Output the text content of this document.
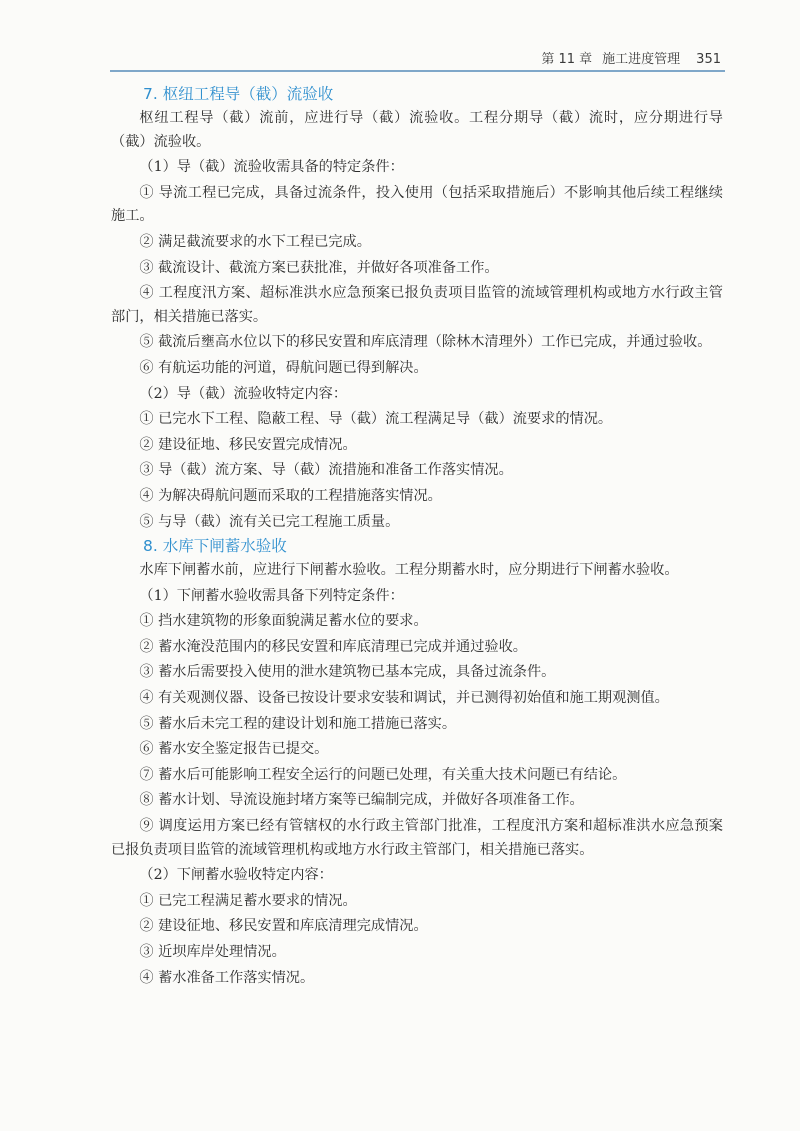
第 11 章 施工进度管理 351
7. 枢纽工程导（截）流验收

枢纽工程导（截）流前，应进行导（截）流验收。工程分期导（截）流时，应分期进行导（截）流验收。

（1）导（截）流验收需具备的特定条件：

① 导流工程已完成，具备过流条件，投入使用（包括采取措施后）不影响其他后续工程继续施工。

② 满足截流要求的水下工程已完成。

③ 截流设计、截流方案已获批准，并做好各项准备工作。

④ 工程度汛方案、超标准洪水应急预案已报负责项目监管的流域管理机构或地方水行政主管部门，相关措施已落实。

⑤ 截流后壅高水位以下的移民安置和库底清理（除林木清理外）工作已完成，并通过验收。

⑥ 有航运功能的河道，碍航问题已得到解决。

（2）导（截）流验收特定内容：

① 已完水下工程、隐蔽工程、导（截）流工程满足导（截）流要求的情况。

② 建设征地、移民安置完成情况。

③ 导（截）流方案、导（截）流措施和准备工作落实情况。

④ 为解决碍航问题而采取的工程措施落实情况。

⑤ 与导（截）流有关已完工程施工质量。

8. 水库下闸蓄水验收

水库下闸蓄水前，应进行下闸蓄水验收。工程分期蓄水时，应分期进行下闸蓄水验收。

（1）下闸蓄水验收需具备下列特定条件：

① 挡水建筑物的形象面貌满足蓄水位的要求。

② 蓄水淹没范围内的移民安置和库底清理已完成并通过验收。

③ 蓄水后需要投入使用的泄水建筑物已基本完成，具备过流条件。

④ 有关观测仪器、设备已按设计要求安装和调试，并已测得初始值和施工期观测值。

⑤ 蓄水后未完工程的建设计划和施工措施已落实。

⑥ 蓄水安全鉴定报告已提交。

⑦ 蓄水后可能影响工程安全运行的问题已处理，有关重大技术问题已有结论。

⑧ 蓄水计划、导流设施封堵方案等已编制完成，并做好各项准备工作。

⑨ 调度运用方案已经有管辖权的水行政主管部门批准，工程度汛方案和超标准洪水应急预案已报负责项目监管的流域管理机构或地方水行政主管部门，相关措施已落实。

（2）下闸蓄水验收特定内容：

① 已完工程满足蓄水要求的情况。

② 建设征地、移民安置和库底清理完成情况。

③ 近坝库岸处理情况。

④ 蓄水准备工作落实情况。
